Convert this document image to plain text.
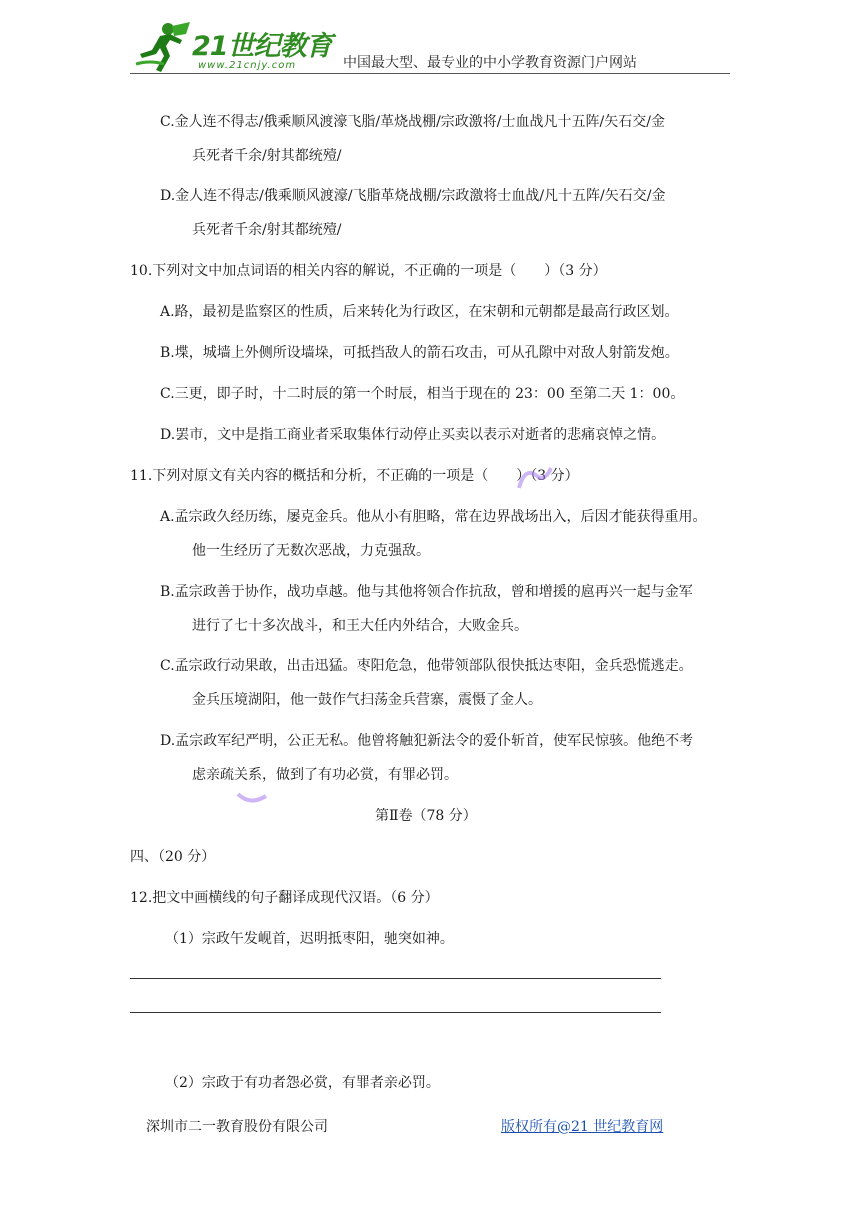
21世纪教育
www.21cnjy.com	中国最大型、最专业的中小学教育资源门户网站
C.金人连不得志/俄乘顺风渡濠飞脂/革烧战棚/宗政激将/士血战凡十五阵/矢石交/金
兵死者千余/射其都统殪/
D.金人连不得志/俄乘顺风渡濠/飞脂革烧战棚/宗政激将士血战/凡十五阵/矢石交/金
兵死者千余/射其都统殪/
10.下列对文中加点词语的相关内容的解说，不正确的一项是（　　）（3 分）
A.路，最初是监察区的性质，后来转化为行政区，在宋朝和元朝都是最高行政区划。
B.堞，城墙上外侧所设墙垛，可抵挡敌人的箭石攻击，可从孔隙中对敌人射箭发炮。
C.三更，即子时，十二时辰的第一个时辰，相当于现在的 23：00 至第二天 1：00。
D.罢市，文中是指工商业者采取集体行动停止买卖以表示对逝者的悲痛哀悼之情。
11.下列对原文有关内容的概括和分析，不正确的一项是（　　）（3 分）
A.孟宗政久经历练，屡克金兵。他从小有胆略，常在边界战场出入，后因才能获得重用。
他一生经历了无数次恶战，力克强敌。
B.孟宗政善于协作，战功卓越。他与其他将领合作抗敌，曾和增援的扈再兴一起与金军
进行了七十多次战斗，和王大任内外结合，大败金兵。
C.孟宗政行动果敢，出击迅猛。枣阳危急，他带领部队很快抵达枣阳，金兵恐慌逃走。
金兵压境湖阳，他一鼓作气扫荡金兵营寨，震慑了金人。
D.孟宗政军纪严明，公正无私。他曾将触犯新法令的爱仆斩首，使军民惊骇。他绝不考
虑亲疏关系，做到了有功必赏，有罪必罚。
第Ⅱ卷（78 分）
四、（20 分）
12.把文中画横线的句子翻译成现代汉语。（6 分）
（1）宗政午发岘首，迟明抵枣阳，驰突如神。
（2）宗政于有功者怨必赏，有罪者亲必罚。
深圳市二一教育股份有限公司	版权所有@21 世纪教育网
